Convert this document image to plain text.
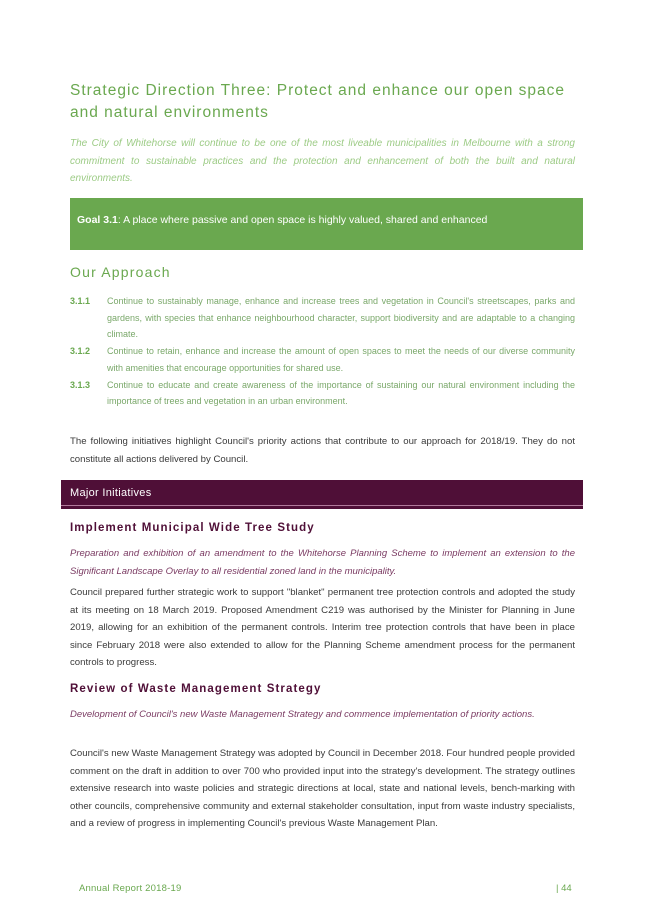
Strategic Direction Three: Protect and enhance our open space and natural environments
The City of Whitehorse will continue to be one of the most liveable municipalities in Melbourne with a strong commitment to sustainable practices and the protection and enhancement of both the built and natural environments.
Goal 3.1: A place where passive and open space is highly valued, shared and enhanced
Our Approach
3.1.1	Continue to sustainably manage, enhance and increase trees and vegetation in Council's streetscapes, parks and gardens, with species that enhance neighbourhood character, support biodiversity and are adaptable to a changing climate.
3.1.2	Continue to retain, enhance and increase the amount of open spaces to meet the needs of our diverse community with amenities that encourage opportunities for shared use.
3.1.3	Continue to educate and create awareness of the importance of sustaining our natural environment including the importance of trees and vegetation in an urban environment.
The following initiatives highlight Council's priority actions that contribute to our approach for 2018/19. They do not constitute all actions delivered by Council.
Major Initiatives
Implement Municipal Wide Tree Study
Preparation and exhibition of an amendment to the Whitehorse Planning Scheme to implement an extension to the Significant Landscape Overlay to all residential zoned land in the municipality.
Council prepared further strategic work to support "blanket" permanent tree protection controls and adopted the study at its meeting on 18 March 2019. Proposed Amendment C219 was authorised by the Minister for Planning in June 2019, allowing for an exhibition of the permanent controls. Interim tree protection controls that have been in place since February 2018 were also extended to allow for the Planning Scheme amendment process for the permanent controls to progress.
Review of Waste Management Strategy
Development of Council's new Waste Management Strategy and commence implementation of priority actions.
Council's new Waste Management Strategy was adopted by Council in December 2018. Four hundred people provided comment on the draft in addition to over 700 who provided input into the strategy's development. The strategy outlines extensive research into waste policies and strategic directions at local, state and national levels, bench-marking with other councils, comprehensive community and external stakeholder consultation, input from waste industry specialists, and a review of progress in implementing Council's previous Waste Management Plan.
Annual Report 2018-19	| 44
